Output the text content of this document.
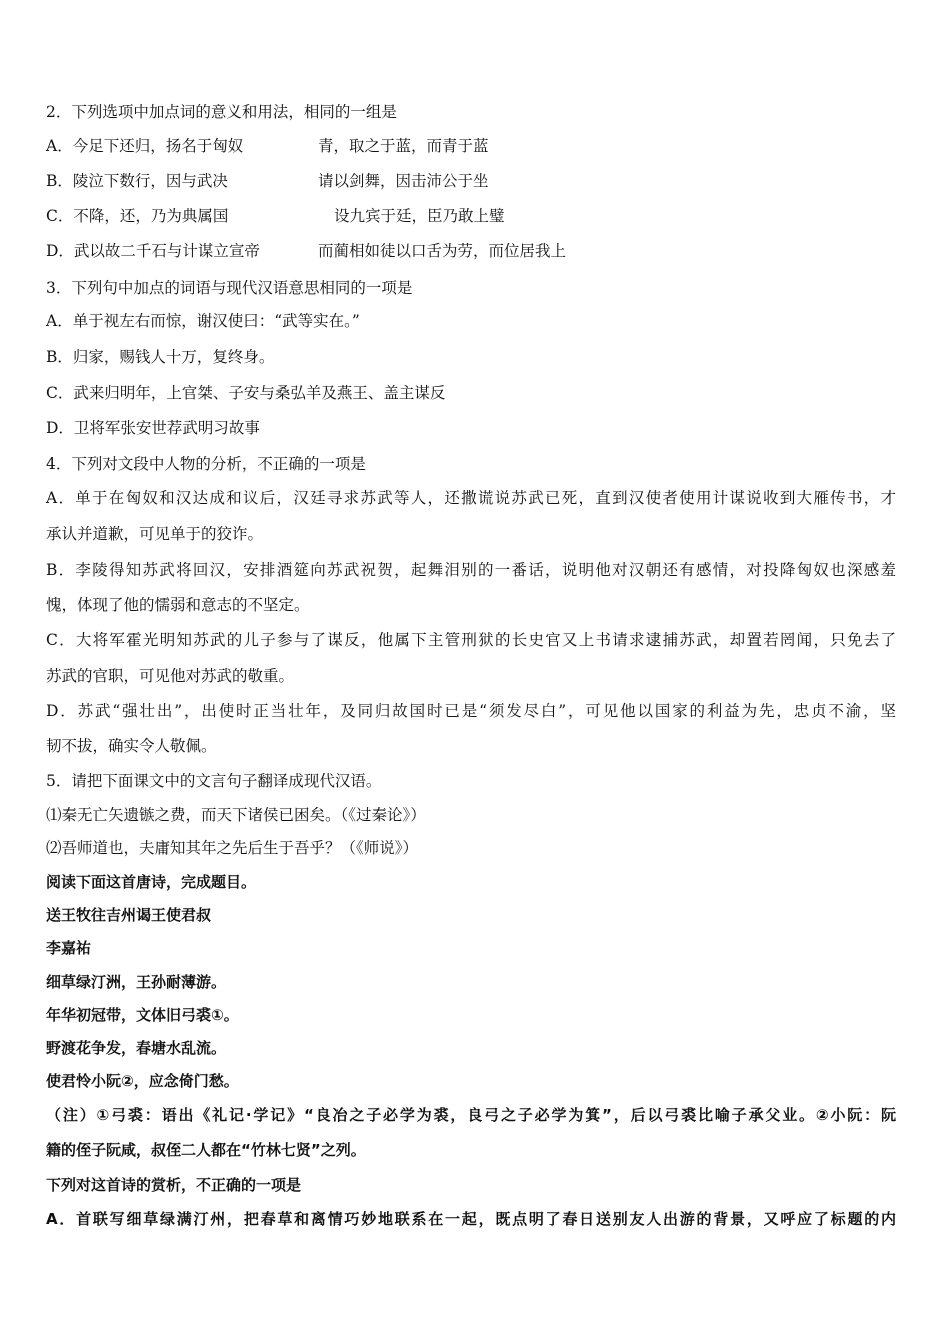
2．下列选项中加点词的意义和用法，相同的一组是
A．今足下还归，扬名于匈奴	青，取之于蓝，而青于蓝
B．陵泣下数行，因与武决	请以剑舞，因击沛公于坐
C．不降，还，乃为典属国	设九宾于廷，臣乃敢上璧
D．武以故二千石与计谋立宣帝	而蔺相如徒以口舌为劳，而位居我上
3．下列句中加点的词语与现代汉语意思相同的一项是
A．单于视左右而惊，谢汉使曰：“武等实在。”
B．归家，赐钱人十万，复终身。
C．武来归明年，上官桀、子安与桑弘羊及燕王、盖主谋反
D．卫将军张安世荐武明习故事
4．下列对文段中人物的分析，不正确的一项是
A．单于在匈奴和汉达成和议后，汉廷寻求苏武等人，还撒谎说苏武已死，直到汉使者使用计谋说收到大雁传书，才
承认并道歉，可见单于的狡诈。
B．李陵得知苏武将回汉，安排酒筵向苏武祝贺，起舞泪别的一番话，说明他对汉朝还有感情，对投降匈奴也深感羞
愧，体现了他的懦弱和意志的不坚定。
C．大将军霍光明知苏武的儿子参与了谋反，他属下主管刑狱的长史官又上书请求逮捕苏武，却置若罔闻，只免去了
苏武的官职，可见他对苏武的敬重。
D．苏武“强壮出”，出使时正当壮年，及同归故国时已是“须发尽白”，可见他以国家的利益为先，忠贞不渝，坚
韧不拔，确实令人敬佩。
5．请把下面课文中的文言句子翻译成现代汉语。
⑴秦无亡矢遗镞之费，而天下诸侯已困矣。（《过秦论》）
⑵吾师道也，夫庸知其年之先后生于吾乎？（《师说》）
阅读下面这首唐诗，完成题目。
送王牧往吉州谒王使君叔
李嘉祐
细草绿汀洲，王孙耐薄游。
年华初冠带，文体旧弓裘①。
野渡花争发，春塘水乱流。
使君怜小阮②，应念倚门愁。
（注）①弓裘：语出《礼记·学记》“良冶之子必学为裘，良弓之子必学为箕”，后以弓裘比喻子承父业。②小阮：阮
籍的侄子阮咸，叔侄二人都在“竹林七贤”之列。
下列对这首诗的赏析，不正确的一项是
A．首联写细草绿满汀州，把春草和离情巧妙地联系在一起，既点明了春日送别友人出游的背景，又呼应了标题的内
